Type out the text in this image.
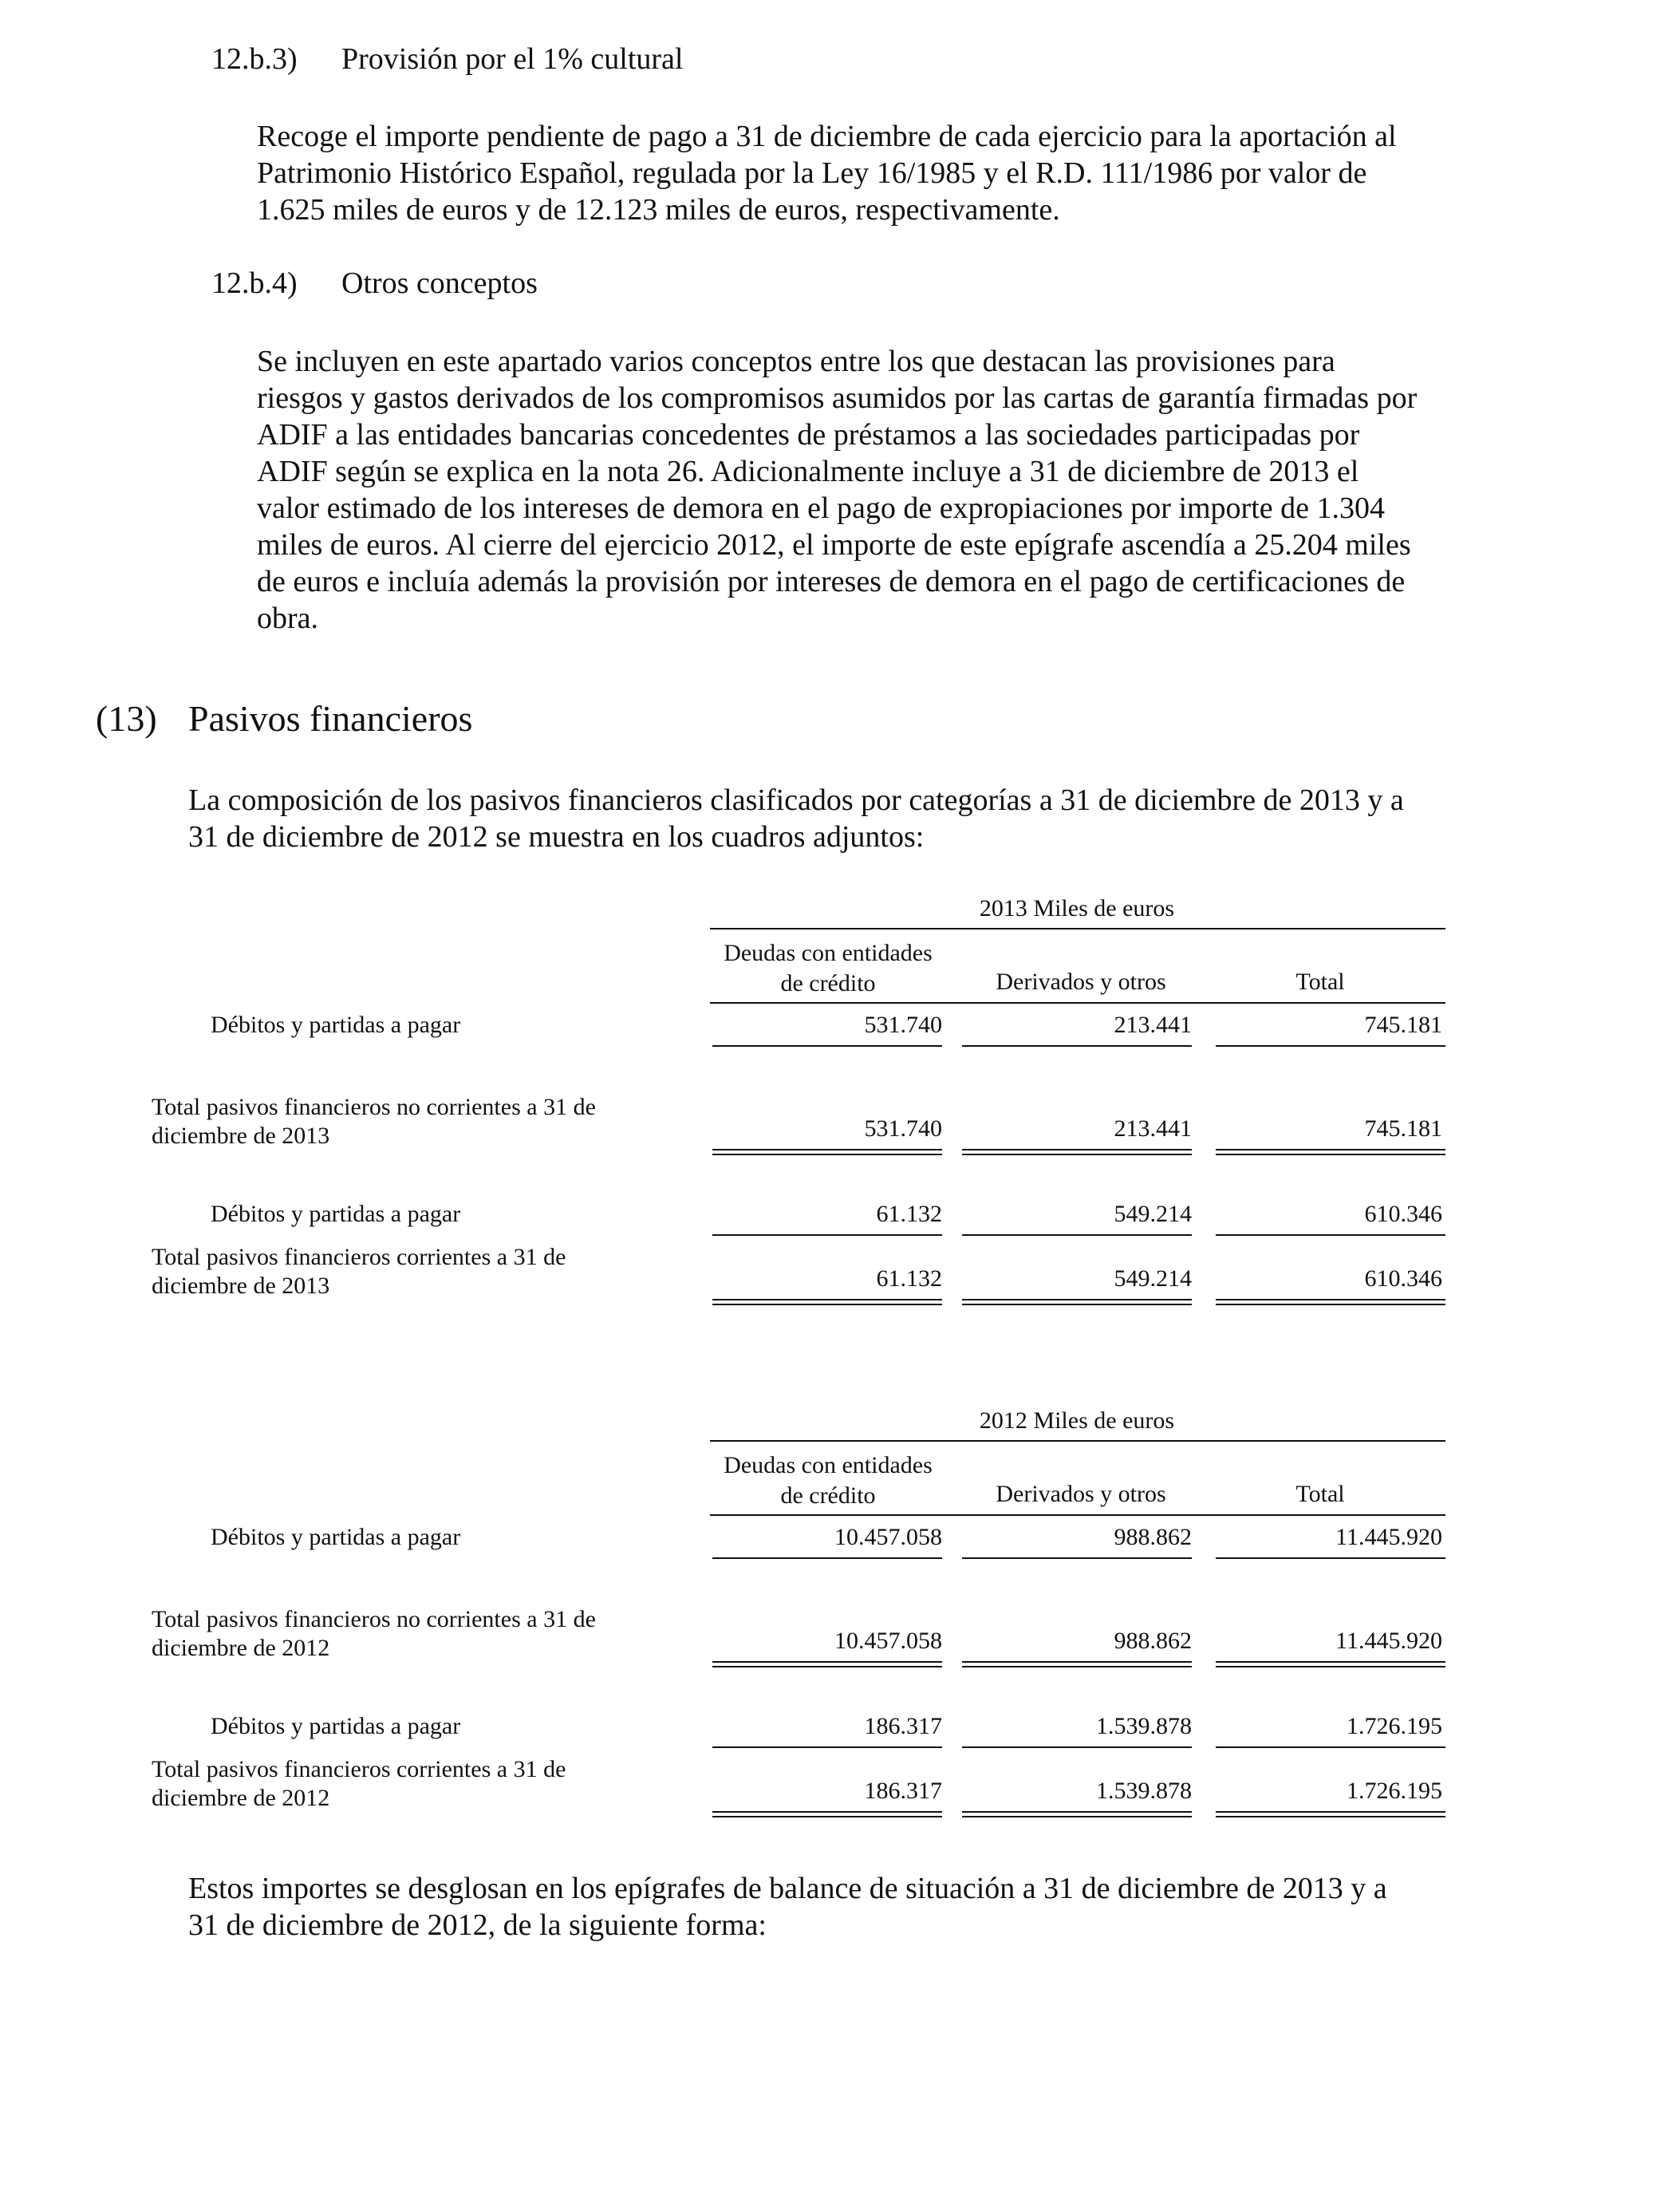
12.b.3) Provisión por el 1% cultural
Recoge el importe pendiente de pago a 31 de diciembre de cada ejercicio para la aportación al
Patrimonio Histórico Español, regulada por la Ley 16/1985 y el R.D. 111/1986 por valor de
1.625 miles de euros y de 12.123 miles de euros, respectivamente.
12.b.4) Otros conceptos
Se incluyen en este apartado varios conceptos entre los que destacan las provisiones para
riesgos y gastos derivados de los compromisos asumidos por las cartas de garantía firmadas por
ADIF a las entidades bancarias concedentes de préstamos a las sociedades participadas por
ADIF según se explica en la nota 26. Adicionalmente incluye a 31 de diciembre de 2013 el
valor estimado de los intereses de demora en el pago de expropiaciones por importe de 1.304
miles de euros. Al cierre del ejercicio 2012, el importe de este epígrafe ascendía a 25.204 miles
de euros e incluía además la provisión por intereses de demora en el pago de certificaciones de
obra.
(13) Pasivos financieros
La composición de los pasivos financieros clasificados por categorías a 31 de diciembre de 2013 y a
31 de diciembre de 2012 se muestra en los cuadros adjuntos:
2013 Miles de euros
Deudas con entidades
de crédito	Derivados y otros	Total
Débitos y partidas a pagar	531.740	213.441	745.181
Total pasivos financieros no corrientes a 31 de
diciembre de 2013	531.740	213.441	745.181
Débitos y partidas a pagar	61.132	549.214	610.346
Total pasivos financieros corrientes a 31 de
diciembre de 2013	61.132	549.214	610.346
2012 Miles de euros
Deudas con entidades
de crédito	Derivados y otros	Total
Débitos y partidas a pagar	10.457.058	988.862	11.445.920
Total pasivos financieros no corrientes a 31 de
diciembre de 2012	10.457.058	988.862	11.445.920
Débitos y partidas a pagar	186.317	1.539.878	1.726.195
Total pasivos financieros corrientes a 31 de
diciembre de 2012	186.317	1.539.878	1.726.195
Estos importes se desglosan en los epígrafes de balance de situación a 31 de diciembre de 2013 y a
31 de diciembre de 2012, de la siguiente forma:
